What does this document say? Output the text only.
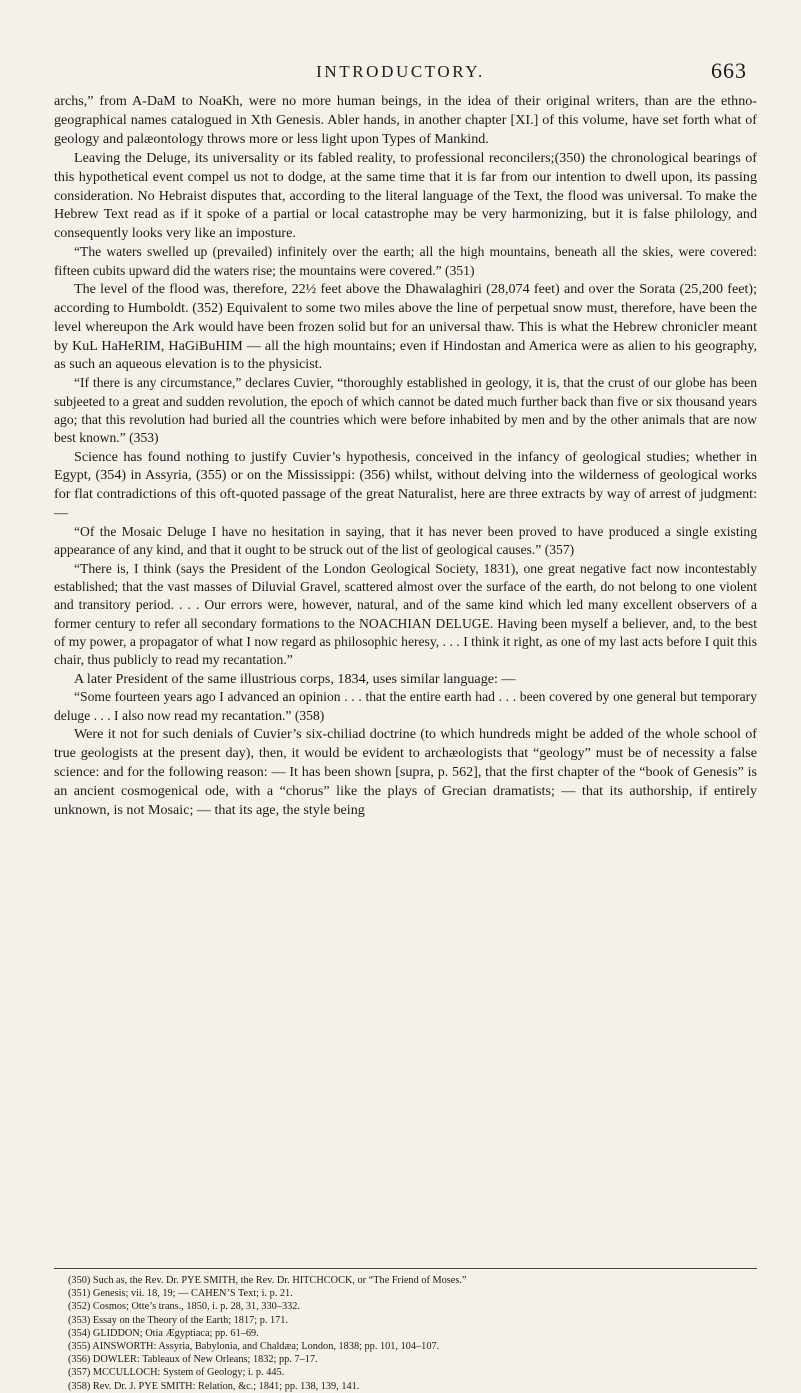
INTRODUCTORY.	663

archs,” from A-DaM to NoaKh, were no more human beings, in the idea of their original writers, than are the ethno-geographical names catalogued in Xth Genesis. Abler hands, in another chapter [XI.] of this volume, have set forth what of geology and palæontology throws more or less light upon Types of Mankind.

Leaving the Deluge, its universality or its fabled reality, to professional reconcilers;(350) the chronological bearings of this hypothetical event compel us not to dodge, at the same time that it is far from our intention to dwell upon, its passing consideration. No Hebraist disputes that, according to the literal language of the Text, the flood was universal. To make the Hebrew Text read as if it spoke of a partial or local catastrophe may be very harmonizing, but it is false philology, and consequently looks very like an imposture.

“The waters swelled up (prevailed) infinitely over the earth; all the high mountains, beneath all the skies, were covered: fifteen cubits upward did the waters rise; the mountains were covered.” (351)

The level of the flood was, therefore, 22½ feet above the Dhawalaghiri (28,074 feet) and over the Sorata (25,200 feet); according to Humboldt. (352) Equivalent to some two miles above the line of perpetual snow must, therefore, have been the level whereupon the Ark would have been frozen solid but for an universal thaw. This is what the Hebrew chronicler meant by KuL HaHeRIM, HaGiBuHIM — all the high mountains; even if Hindostan and America were as alien to his geography, as such an aqueous elevation is to the physicist.

“If there is any circumstance,” declares Cuvier, “thoroughly established in geology, it is, that the crust of our globe has been subjeeted to a great and sudden revolution, the epoch of which cannot be dated much further back than five or six thousand years ago; that this revolution had buried all the countries which were before inhabited by men and by the other animals that are now best known.” (353)

Science has found nothing to justify Cuvier’s hypothesis, conceived in the infancy of geological studies; whether in Egypt, (354) in Assyria, (355) or on the Mississippi: (356) whilst, without delving into the wilderness of geological works for flat contradictions of this oft-quoted passage of the great Naturalist, here are three extracts by way of arrest of judgment: —

“Of the Mosaic Deluge I have no hesitation in saying, that it has never been proved to have produced a single existing appearance of any kind, and that it ought to be struck out of the list of geological causes.” (357)

“There is, I think (says the President of the London Geological Society, 1831), one great negative fact now incontestably established; that the vast masses of Diluvial Gravel, scattered almost over the surface of the earth, do not belong to one violent and transitory period. . . . Our errors were, however, natural, and of the same kind which led many excellent observers of a former century to refer all secondary formations to the NOACHIAN DELUGE. Having been myself a believer, and, to the best of my power, a propagator of what I now regard as philosophic heresy, . . . I think it right, as one of my last acts before I quit this chair, thus publicly to read my recantation.”

A later President of the same illustrious corps, 1834, uses similar language: —

“Some fourteen years ago I advanced an opinion . . . that the entire earth had . . . been covered by one general but temporary deluge . . . I also now read my recantation.” (358)

Were it not for such denials of Cuvier’s six-chiliad doctrine (to which hundreds might be added of the whole school of true geologists at the present day), then, it would be evident to archæologists that “geology” must be of necessity a false science: and for the following reason: — It has been shown [supra, p. 562], that the first chapter of the “book of Genesis” is an ancient cosmogenical ode, with a “chorus” like the plays of Grecian dramatists; — that its authorship, if entirely unknown, is not Mosaic; — that its age, the style being

(350) Such as, the Rev. Dr. PYE SMITH, the Rev. Dr. HITCHCOCK, or “The Friend of Moses.”
(351) Genesis; vii. 18, 19; — CAHEN’S Text; i. p. 21.
(352) Cosmos; Otte’s trans., 1850, i. p. 28, 31, 330–332.
(353) Essay on the Theory of the Earth; 1817; p. 171.
(354) GLIDDON; Otia Ægyptiaca; pp. 61–69.
(355) AINSWORTH: Assyria, Babylonia, and Chaldæa; London, 1838; pp. 101, 104–107.
(356) DOWLER: Tableaux of New Orleans; 1832; pp. 7–17.
(357) MCCULLOCH: System of Geology; i. p. 445.
(358) Rev. Dr. J. PYE SMITH: Relation, &c.; 1841; pp. 138, 139, 141.
